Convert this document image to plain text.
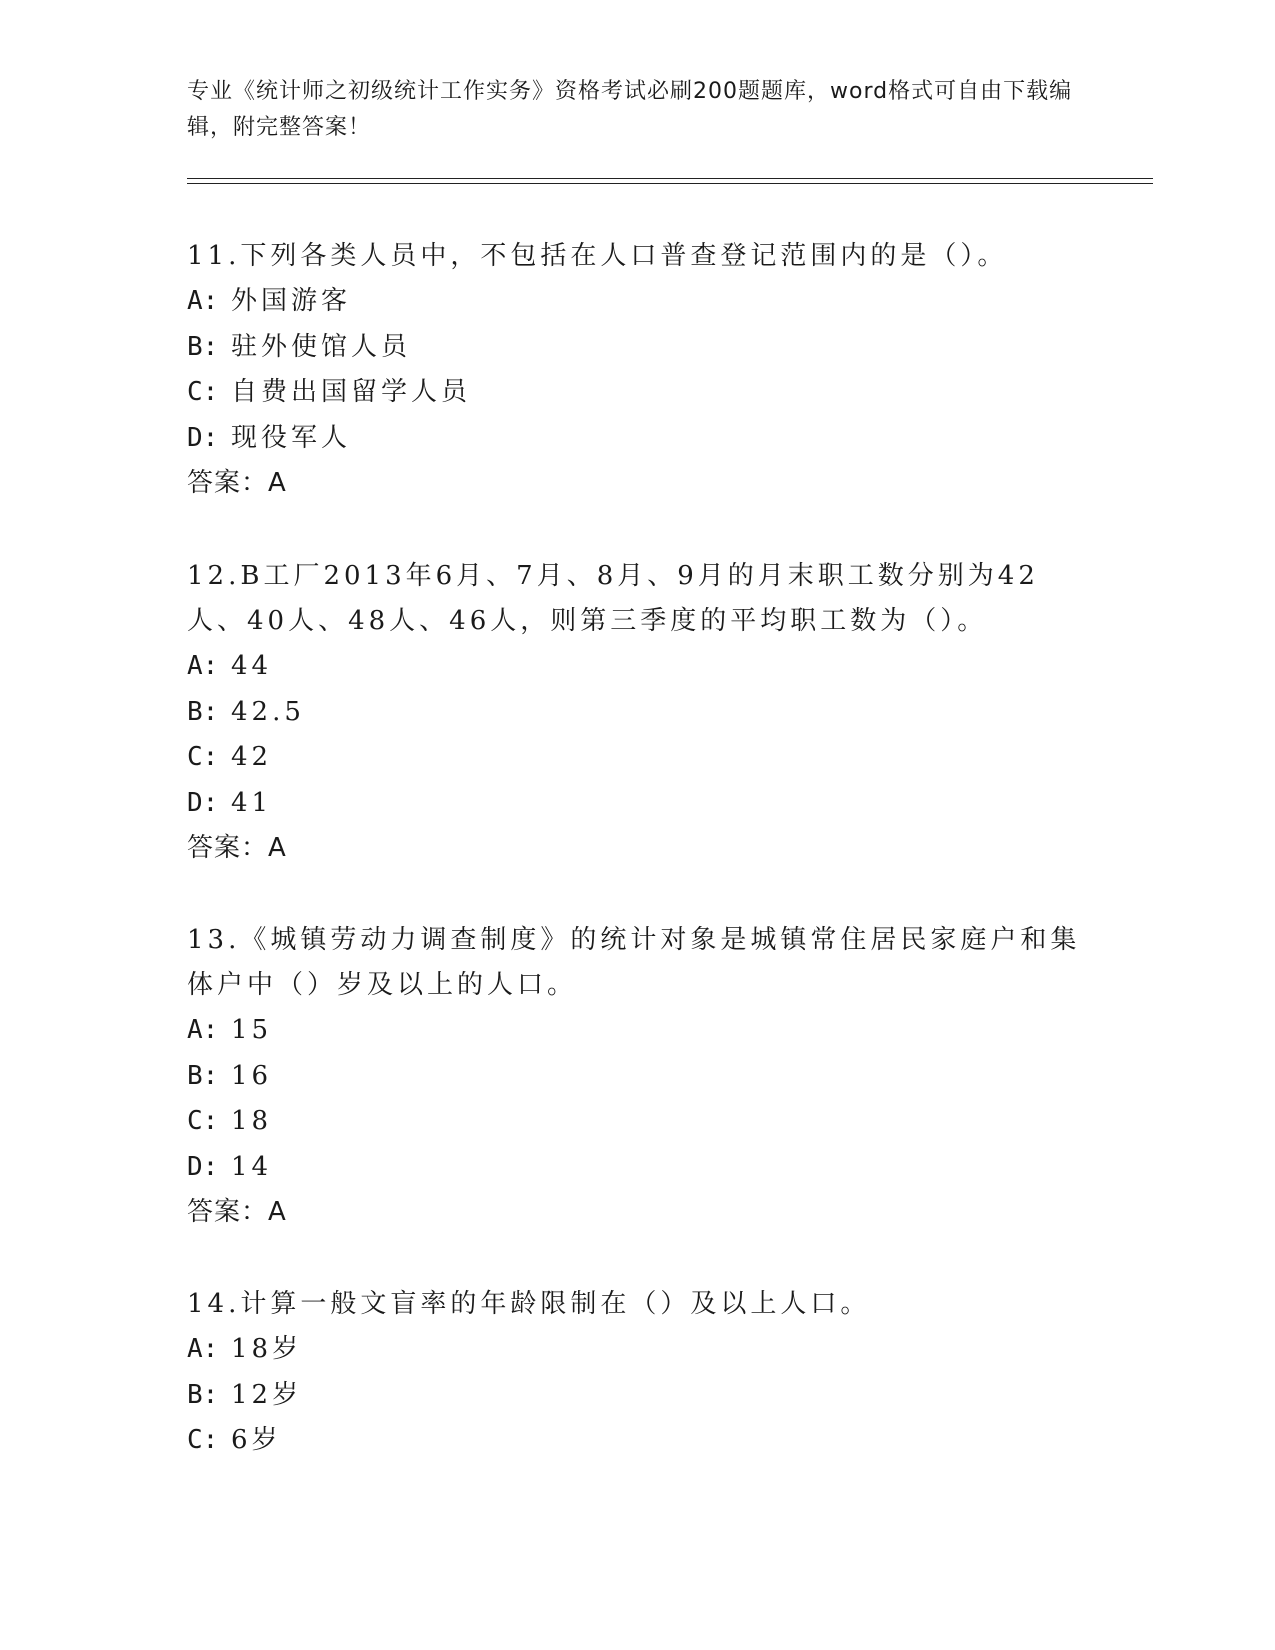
专业《统计师之初级统计工作实务》资格考试必刷200题题库，word格式可自由下载编辑，附完整答案！

11.下列各类人员中，不包括在人口普查登记范围内的是（）。

A: 外国游客

B: 驻外使馆人员

C: 自费出国留学人员

D: 现役军人

答案：A

12.B工厂2013年6月、7月、8月、9月的月末职工数分别为42人、40人、48人、46人，则第三季度的平均职工数为（）。

A: 44

B: 42.5

C: 42

D: 41

答案：A

13.《城镇劳动力调查制度》的统计对象是城镇常住居民家庭户和集体户中（）岁及以上的人口。

A: 15

B: 16

C: 18

D: 14

答案：A

14.计算一般文盲率的年龄限制在（）及以上人口。

A: 18岁

B: 12岁

C: 6岁
